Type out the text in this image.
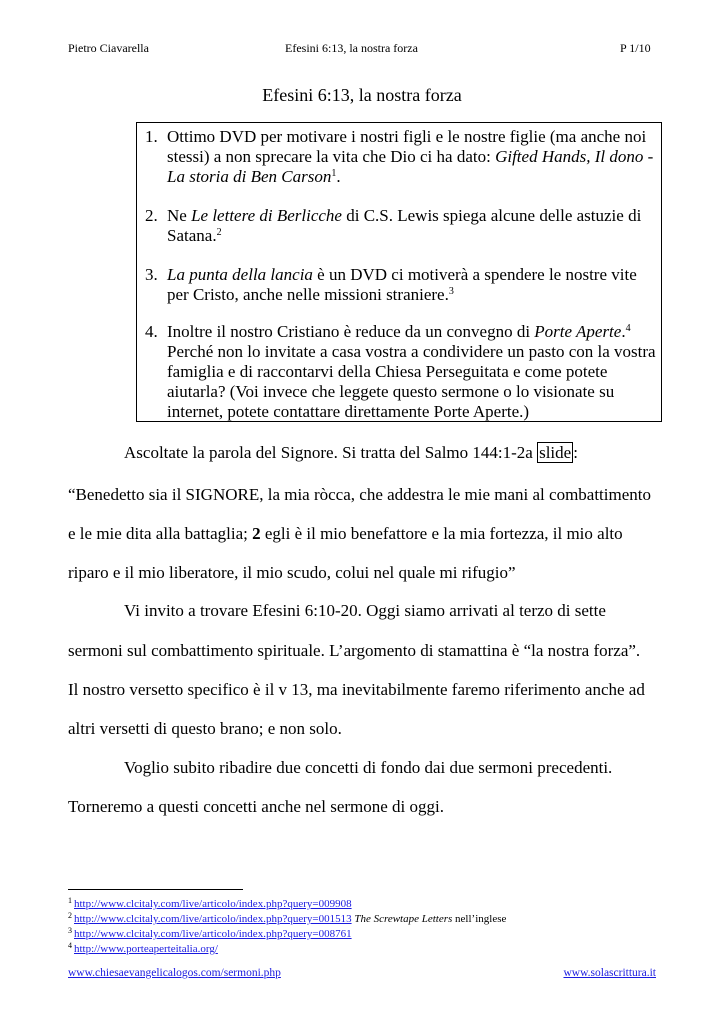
Pietro Ciavarella	Efesini 6:13, la nostra forza	P 1/10
Efesini 6:13, la nostra forza
1. Ottimo DVD per motivare i nostri figli e le nostre figlie (ma anche noi stessi) a non sprecare la vita che Dio ci ha dato: Gifted Hands, Il dono - La storia di Ben Carson$^1$.
2. Ne Le lettere di Berlicche di C.S. Lewis spiega alcune delle astuzie di Satana.$^2$
3. La punta della lancia è un DVD ci motiverà a spendere le nostre vite per Cristo, anche nelle missioni straniere.$^3$
4. Inoltre il nostro Cristiano è reduce da un convegno di Porte Aperte.$^4$ Perché non lo invitate a casa vostra a condividere un pasto con la vostra famiglia e di raccontarvi della Chiesa Perseguitata e come potete aiutarla? (Voi invece che leggete questo sermone o lo visionate su internet, potete contattare direttamente Porte Aperte.)
Ascoltate la parola del Signore. Si tratta del Salmo 144:1-2a slide :
“Benedetto sia il SIGNORE, la mia ròcca, che addestra le mie mani al combattimento
e le mie dita alla battaglia; 2 egli è il mio benefattore e la mia fortezza, il mio alto
riparo e il mio liberatore, il mio scudo, colui nel quale mi rifugio”
Vi invito a trovare Efesini 6:10-20. Oggi siamo arrivati al terzo di sette
sermoni sul combattimento spirituale. L’argomento di stamattina è “la nostra forza”.
Il nostro versetto specifico è il v 13, ma inevitabilmente faremo riferimento anche ad
altri versetti di questo brano; e non solo.
Voglio subito ribadire due concetti di fondo dai due sermoni precedenti.
Torneremo a questi concetti anche nel sermone di oggi.
$^1$ http://www.clcitaly.com/live/articolo/index.php?query=009908
$^2$ http://www.clcitaly.com/live/articolo/index.php?query=001513 The Screwtape Letters nell’inglese
$^3$ http://www.clcitaly.com/live/articolo/index.php?query=008761
$^4$ http://www.porteaperteitalia.org/
www.chiesaevangelicalogos.com/sermoni.php	www.solascrittura.it
